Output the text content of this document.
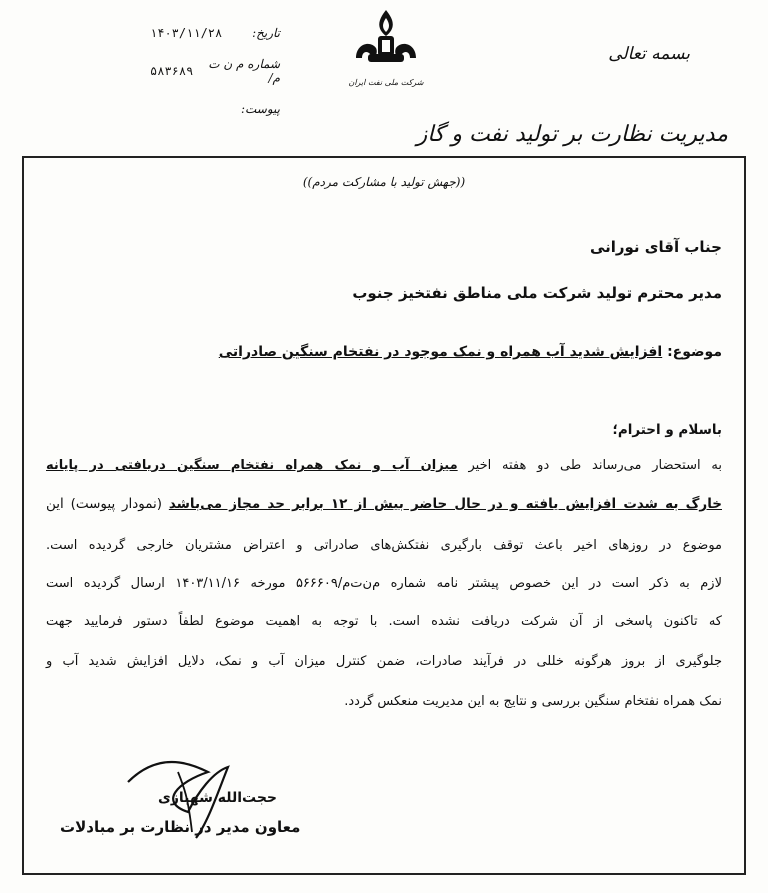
بسمه تعالی
تاریخ:
۱۴۰۳/۱۱/۲۸
شماره م ن ت م/
۵۸۳۶۸۹
پیوست:
شرکت ملی نفت ایران
مدیریت نظارت بر تولید نفت و گاز
((جهش تولید با مشارکت مردم))
جناب آقای نورانی
مدیر محترم تولید شرکت ملی مناطق نفتخیز جنوب
موضوع: افزایش شدید آب همراه و نمک موجود در نفتخام سنگین صادراتی
باسلام و احترام؛
به استحضار می‌رساند طی دو هفته اخیر میزان آب و نمک همراه نفتخام سنگین دریافتی در پایانه
خارگ به شدت افزایش یافته و در حال حاضر بیش از ۱۲ برابر حد مجاز می‌باشد (نمودار پیوست) این
موضوع در روزهای اخیر باعث توقف بارگیری نفتکش‌های صادراتی و اعتراض مشتریان خارجی گردیده است.
لازم به ذکر است در این خصوص پیشتر نامه شماره م‌ن‌ت‌م/۵۶۶۶۰۹ مورخه ۱۴۰۳/۱۱/۱۶ ارسال گردیده است
که تاکنون پاسخی از آن شرکت دریافت نشده است. با توجه به اهمیت موضوع لطفاً دستور فرمایید جهت
جلوگیری از بروز هرگونه خللی در فرآیند صادرات، ضمن کنترل میزان آب و نمک، دلایل افزایش شدید آب و
نمک همراه نفتخام سنگین بررسی و نتایج به این مدیریت منعکس گردد.
حجت‌الله شهبازی
معاون مدیر در نظارت بر مبادلات
